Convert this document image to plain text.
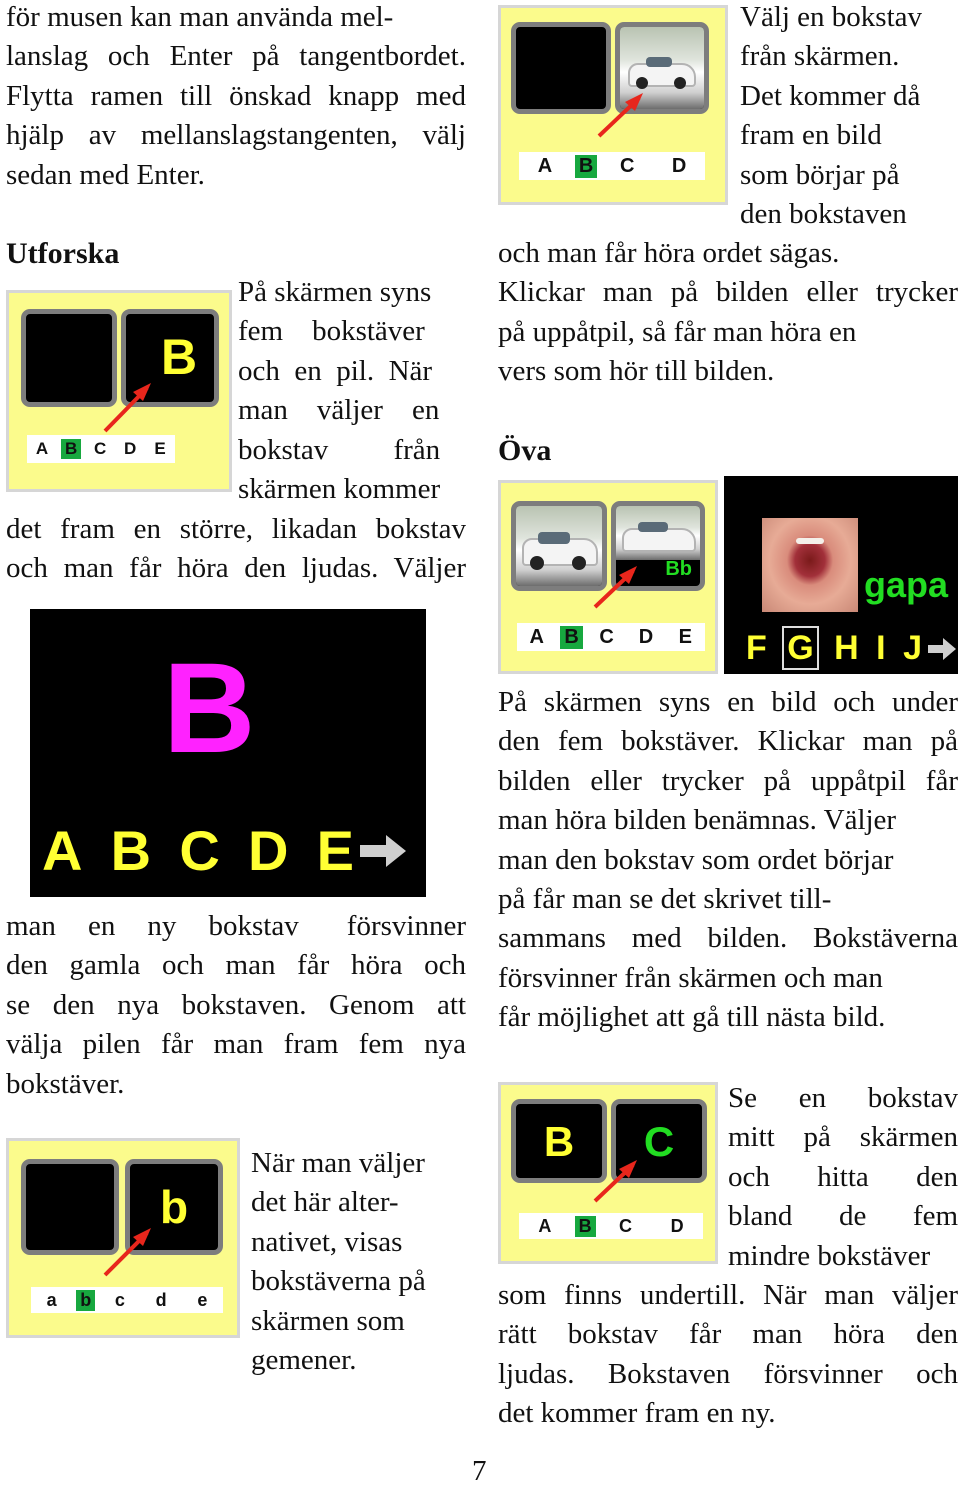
för musen kan man använda mel-
lanslag och Enter på tangentbordet.
Flytta ramen till önskad knapp med
hjälp av mellanslagstangenten, välj
sedan med Enter.
Utforska
B
A B C	D	E
På skärmen syns
fem    bokstäver
och  en  pil.  När
man    väljer    en
bokstav         från
skärmen kommer
det fram en större, likadan bokstav
och man får höra den ljudas. Väljer
B
A B C D E
man  en  ny  bokstav   försvinner
den gamla och man får höra och
se den nya bokstaven. Genom att
välja pilen får man fram fem nya
bokstäver.
b
a	b	c	d	e
När man väljer
det här alter-
nativet, visas
bokstäverna på
skärmen som
gemener.
A	B	C	D
Välj en bokstav
från skärmen.
Det kommer då
fram en bild
som börjar på
den bokstaven
och man får höra ordet sägas.
Klickar man på bilden eller trycker
på uppåtpil, så får man höra en
vers som hör till bilden.
Öva
Bb
A	B	C	D	E
gapa
F G H I J
På skärmen syns en bild och under
den fem bokstäver. Klickar man på
bilden eller trycker på uppåtpil får
man höra bilden benämnas. Väljer
man den bokstav som ordet börjar
på får man se det skrivet till-
sammans med bilden. Bokstäverna
försvinner från skärmen och man
får möjlighet att gå till nästa bild.
B	C
A	B	C	D
Se    en    bokstav
mitt  på  skärmen
och      hitta      den
bland      de      fem
mindre bokstäver
som finns undertill. När man väljer
rätt  bokstav  får  man  höra  den
ljudas. Bokstaven försvinner och
det kommer fram en ny.
7
